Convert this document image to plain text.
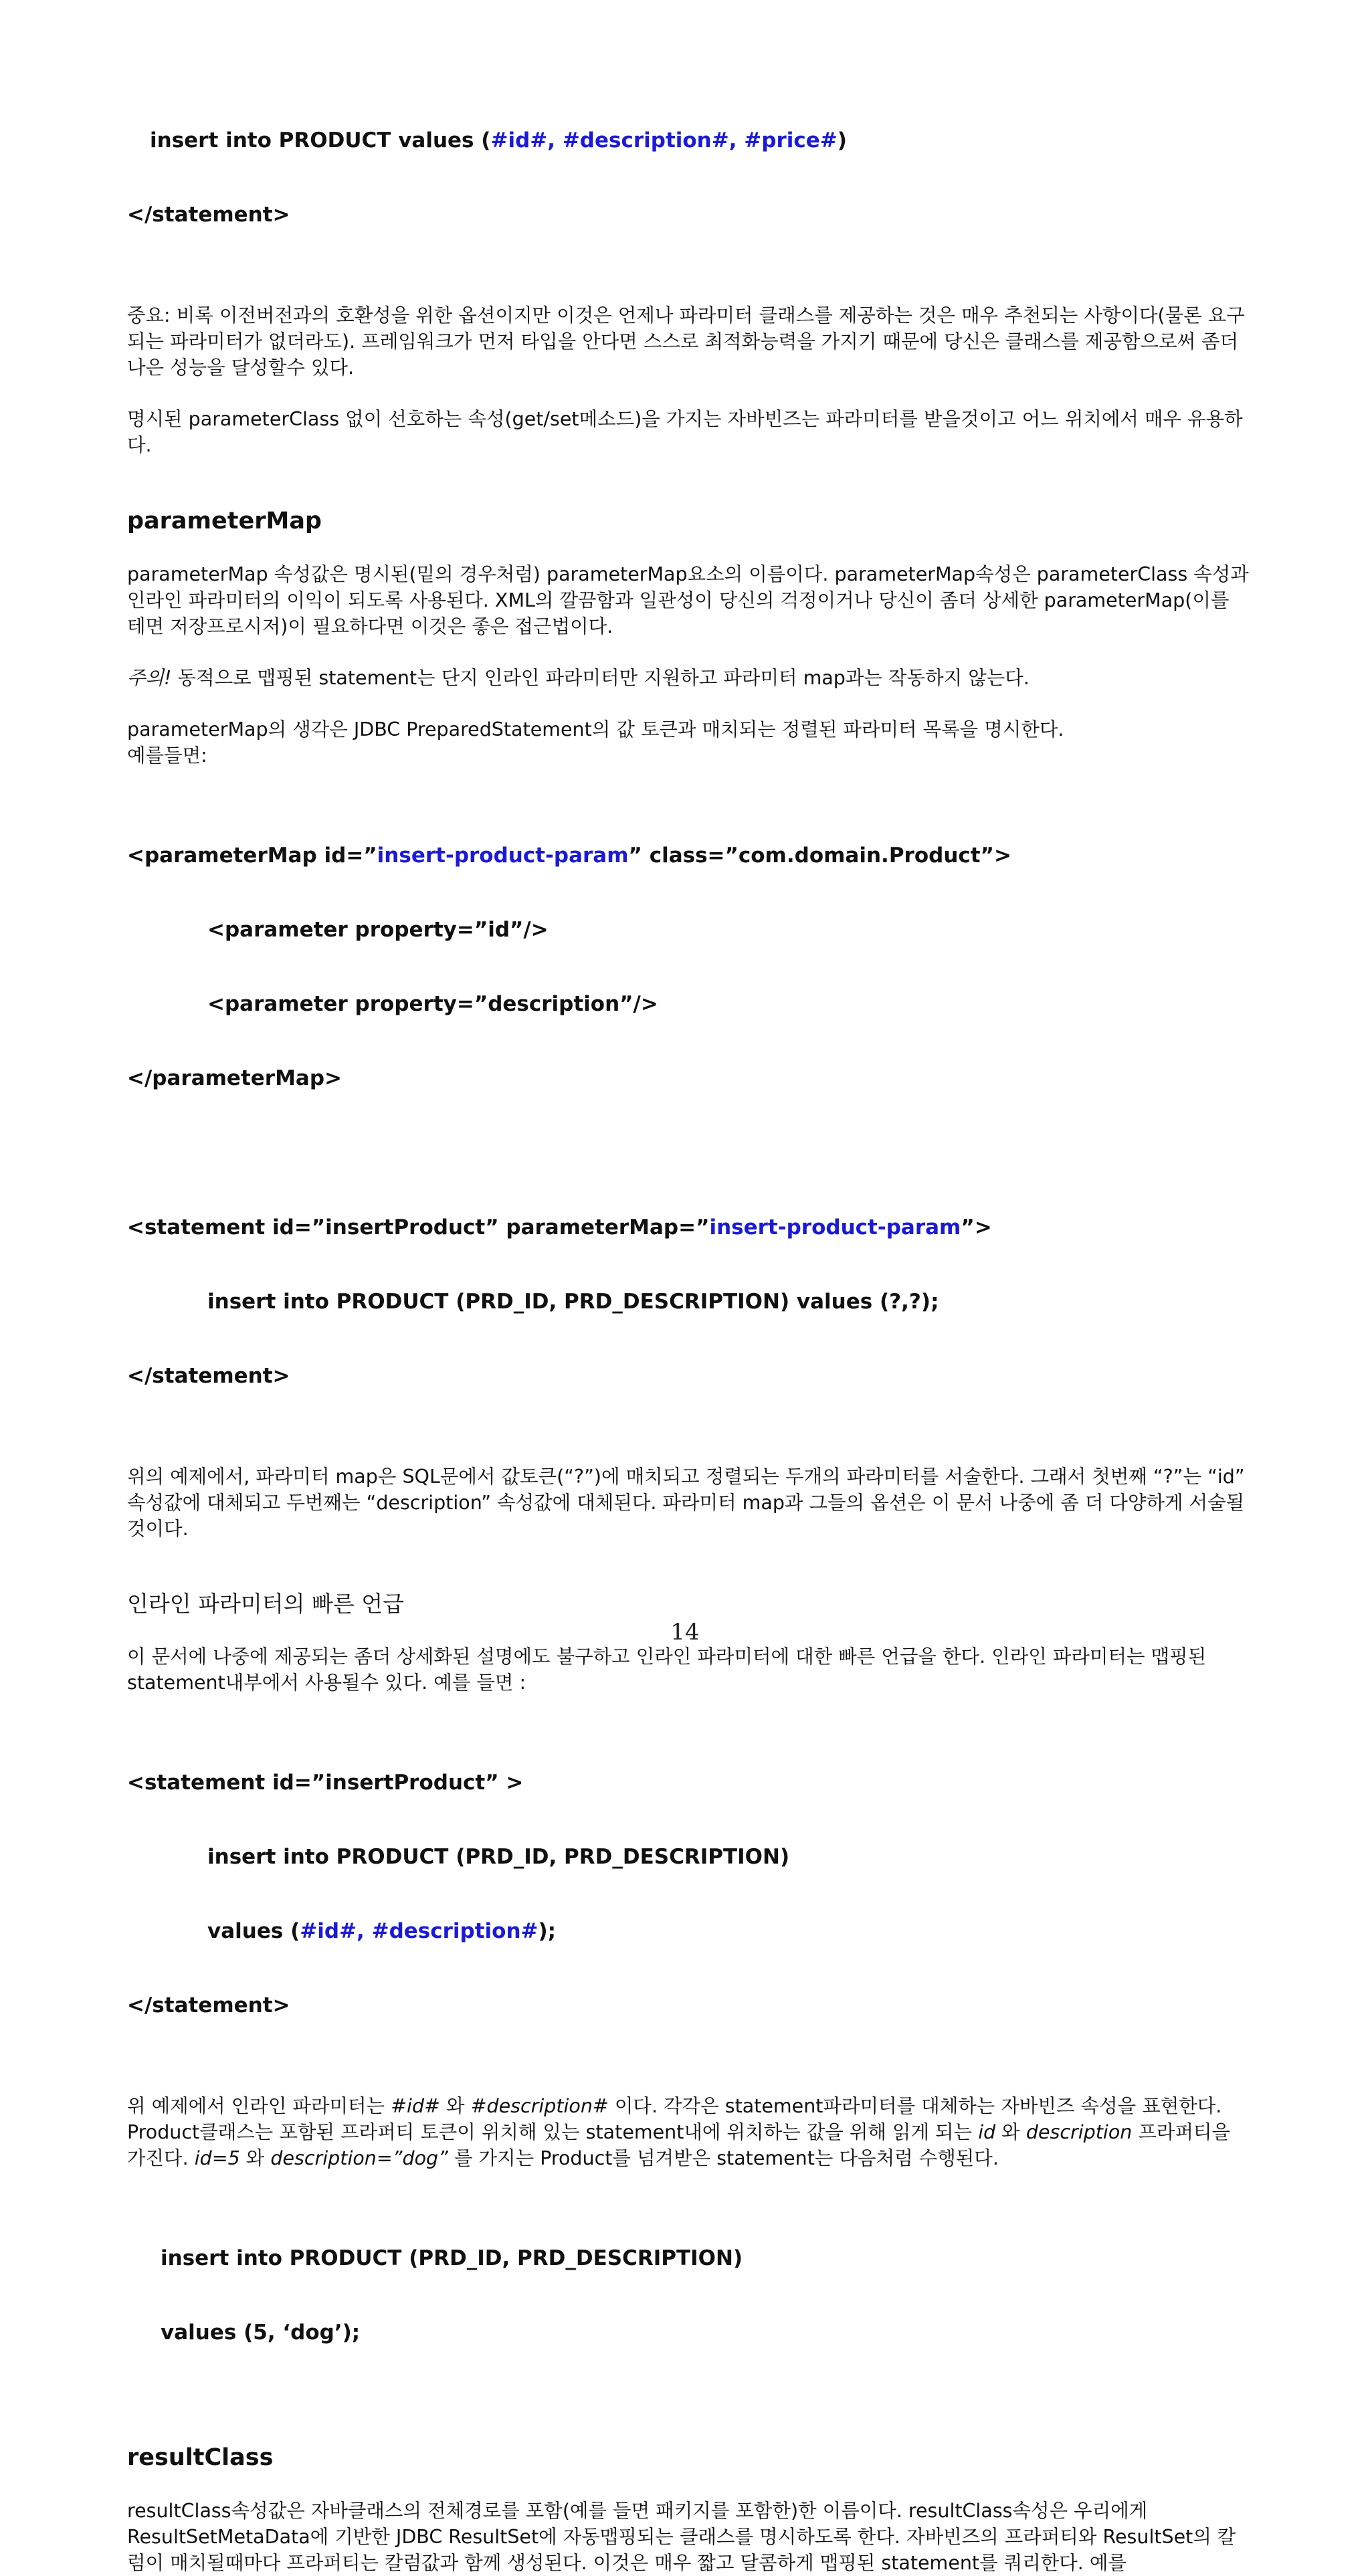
insert into PRODUCT values (#id#, #description#, #price#)

</statement>

중요: 비록 이전버전과의 호환성을 위한 옵션이지만 이것은 언제나 파라미터 클래스를 제공하는 것은 매우 추천되는 사항이다(물론 요구되는 파라미터가 없더라도). 프레임워크가 먼저 타입을 안다면 스스로 최적화능력을 가지기 때문에 당신은 클래스를 제공함으로써 좀더 나은 성능을 달성할수 있다.

명시된 parameterClass 없이 선호하는 속성(get/set메소드)을 가지는 자바빈즈는 파라미터를 받을것이고 어느 위치에서 매우 유용하다.

parameterMap

parameterMap 속성값은 명시된(밑의 경우처럼) parameterMap요소의 이름이다. parameterMap속성은 parameterClass 속성과 인라인 파라미터의 이익이 되도록 사용된다. XML의 깔끔함과 일관성이 당신의 걱정이거나 당신이 좀더 상세한 parameterMap(이를 테면 저장프로시저)이 필요하다면 이것은 좋은 접근법이다.

주의! 동적으로 맵핑된 statement는 단지 인라인 파라미터만 지원하고 파라미터 map과는 작동하지 않는다.

parameterMap의 생각은 JDBC PreparedStatement의 값 토큰과 매치되는 정렬된 파라미터 목록을 명시한다.
예를들면:

<parameterMap id=”insert-product-param” class=”com.domain.Product”>

<parameter property=”id”/>

<parameter property=”description”/>

</parameterMap>

<statement id=”insertProduct” parameterMap=”insert-product-param”>

insert into PRODUCT (PRD_ID, PRD_DESCRIPTION) values (?,?);

</statement>

위의 예제에서, 파라미터 map은 SQL문에서 값토큰(“?”)에 매치되고 정렬되는 두개의 파라미터를 서술한다. 그래서 첫번째 “?”는 “id” 속성값에 대체되고 두번째는 “description” 속성값에 대체된다. 파라미터 map과 그들의 옵션은 이 문서 나중에 좀 더 다양하게 서술될것이다.

인라인 파라미터의 빠른 언급

이 문서에 나중에 제공되는 좀더 상세화된 설명에도 불구하고 인라인 파라미터에 대한 빠른 언급을 한다. 인라인 파라미터는 맵핑된 statement내부에서 사용될수 있다. 예를 들면 :

<statement id=”insertProduct” >

insert into PRODUCT (PRD_ID, PRD_DESCRIPTION)

values (#id#, #description#);

</statement>

위 예제에서 인라인 파라미터는 #id# 와 #description# 이다. 각각은 statement파라미터를 대체하는 자바빈즈 속성을 표현한다. Product클래스는 포함된 프라퍼티 토큰이 위치해 있는 statement내에 위치하는 값을 위해 읽게 되는 id 와 description 프라퍼티을 가진다. id=5 와 description=”dog” 를 가지는 Product를 넘겨받은 statement는 다음처럼 수행된다.

insert into PRODUCT (PRD_ID, PRD_DESCRIPTION)

values (5, ‘dog’);

resultClass

resultClass속성값은 자바클래스의 전체경로를 포함(예를 들면 패키지를 포함한)한 이름이다. resultClass속성은 우리에게 ResultSetMetaData에 기반한 JDBC ResultSet에 자동맵핑되는 클래스를 명시하도록 한다. 자바빈즈의 프라퍼티와 ResultSet의 칼럼이 매치될때마다 프라퍼티는 칼럼값과 함께 생성된다. 이것은 매우 짧고 달콤하게 맵핑된 statement를 쿼리한다. 예를

14
